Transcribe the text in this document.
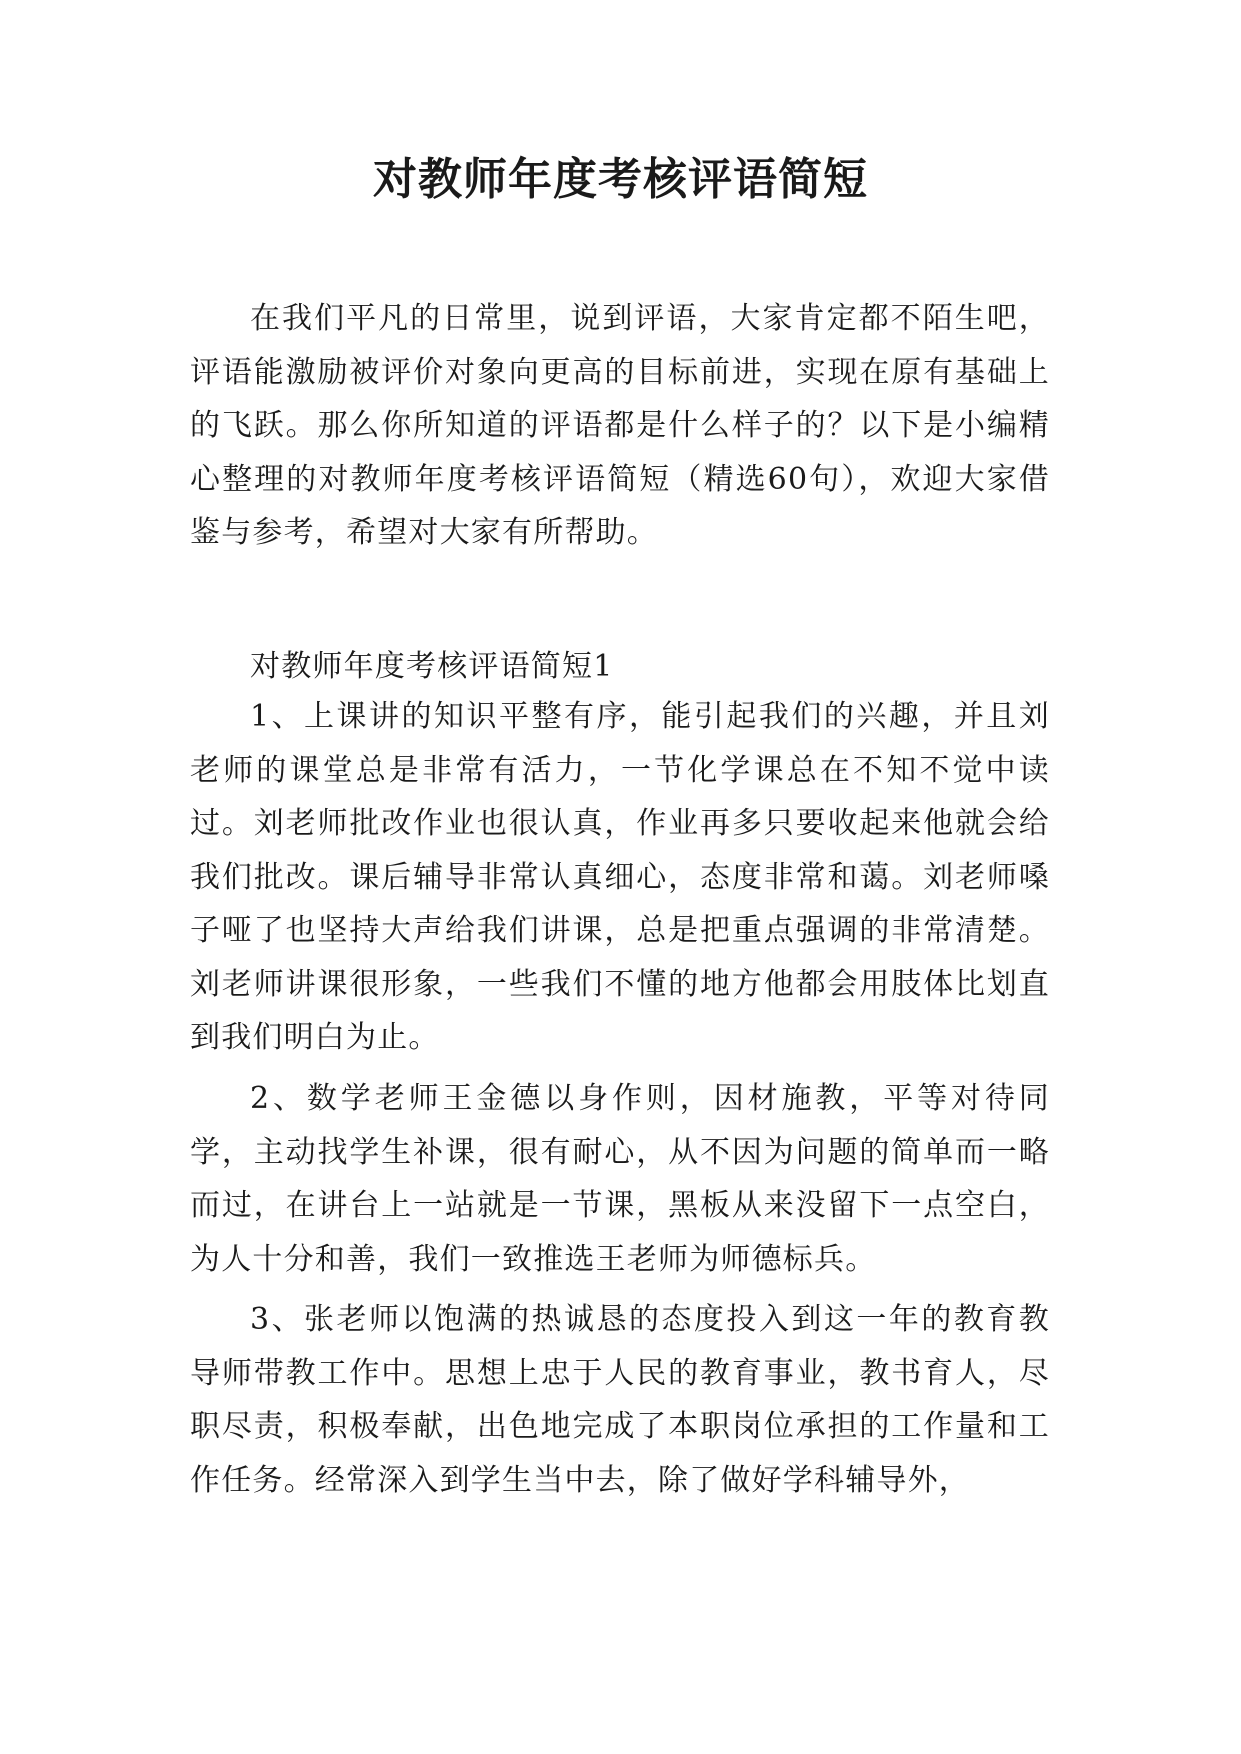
对教师年度考核评语简短

在我们平凡的日常里，说到评语，大家肯定都不陌生吧，评语能激励被评价对象向更高的目标前进，实现在原有基础上的飞跃。那么你所知道的评语都是什么样子的？以下是小编精心整理的对教师年度考核评语简短（精选60句），欢迎大家借鉴与参考，希望对大家有所帮助。

对教师年度考核评语简短1

1、上课讲的知识平整有序，能引起我们的兴趣，并且刘老师的课堂总是非常有活力，一节化学课总在不知不觉中读过。刘老师批改作业也很认真，作业再多只要收起来他就会给我们批改。课后辅导非常认真细心，态度非常和蔼。刘老师嗓子哑了也坚持大声给我们讲课，总是把重点强调的非常清楚。刘老师讲课很形象，一些我们不懂的地方他都会用肢体比划直到我们明白为止。

2、数学老师王金德以身作则，因材施教，平等对待同学，主动找学生补课，很有耐心，从不因为问题的简单而一略而过，在讲台上一站就是一节课，黑板从来没留下一点空白，为人十分和善，我们一致推选王老师为师德标兵。

3、张老师以饱满的热诚恳的态度投入到这一年的教育教导师带教工作中。思想上忠于人民的教育事业，教书育人，尽职尽责，积极奉献，出色地完成了本职岗位承担的工作量和工作任务。经常深入到学生当中去，除了做好学科辅导外，
